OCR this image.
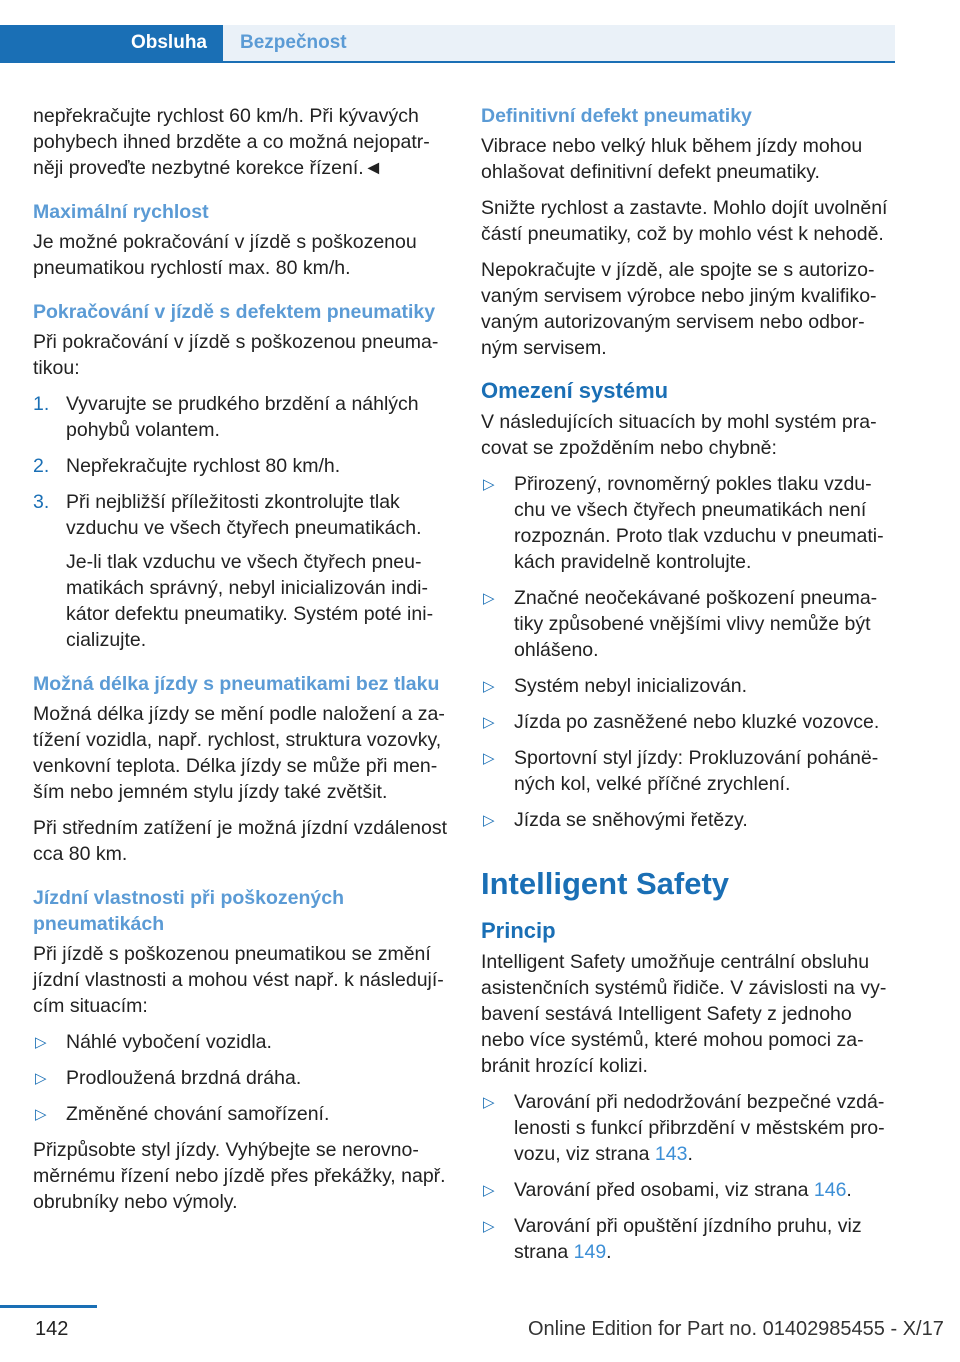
Obsluha	Bezpečnost

nepřekračujte rychlost 60 km/h. Při kývavých pohybech ihned brzděte a co možná nejopatr‐něji proveďte nezbytné korekce řízení.◄

Maximální rychlost

Je možné pokračování v jízdě s poškozenou pneumatikou rychlostí max. 80 km/h.

Pokračování v jízdě s defektem pneumatiky

Při pokračování v jízdě s poškozenou pneuma‐tikou:

1. Vyvarujte se prudkého brzdění a náhlých pohybů volantem.
2. Nepřekračujte rychlost 80 km/h.
3. Při nejbližší příležitosti zkontrolujte tlak vzduchu ve všech čtyřech pneumatikách.
Je-li tlak vzduchu ve všech čtyřech pneu‐matikách správný, nebyl inicializován indi‐kátor defektu pneumatiky. Systém poté ini‐cializujte.
Možná délka jízdy s pneumatikami bez tlaku

Možná délka jízdy se mění podle naložení a za‐tížení vozidla, např. rychlost, struktura vozovky, venkovní teplota. Délka jízdy se může při men‐ším nebo jemném stylu jízdy také zvětšit.

Při středním zatížení je možná jízdní vzdálenost cca 80 km.

Jízdní vlastnosti při poškozených pneumatikách

Při jízdě s poškozenou pneumatikou se změní jízdní vlastnosti a mohou vést např. k následují‐cím situacím:

▷ Náhlé vybočení vozidla.
▷ Prodloužená brzdná dráha.
▷ Změněné chování samořízení.

Přizpůsobte styl jízdy. Vyhýbejte se nerovno‐měrnému řízení nebo jízdě přes překážky, např. obrubníky nebo výmoly.

Definitivní defekt pneumatiky

Vibrace nebo velký hluk během jízdy mohou ohlašovat definitivní defekt pneumatiky.

Snižte rychlost a zastavte. Mohlo dojít uvolnění částí pneumatiky, což by mohlo vést k nehodě.

Nepokračujte v jízdě, ale spojte se s autorizo‐vaným servisem výrobce nebo jiným kvalifiko‐vaným autorizovaným servisem nebo odbor‐ným servisem.

Omezení systému

V následujících situacích by mohl systém pra‐covat se zpožděním nebo chybně:

▷ Přirozený, rovnoměrný pokles tlaku vzdu‐chu ve všech čtyřech pneumatikách není rozpoznán. Proto tlak vzduchu v pneumati‐kách pravidelně kontrolujte.
▷ Značné neočekávané poškození pneuma‐tiky způsobené vnějšími vlivy nemůže být ohlášeno.
▷ Systém nebyl inicializován.
▷ Jízda po zasněžené nebo kluzké vozovce.
▷ Sportovní styl jízdy: Prokluzování pohánё‐ných kol, velké příčné zrychlení.
▷ Jízda se sněhovými řetězy.
Intelligent Safety
Princip

Intelligent Safety umožňuje centrální obsluhu asistenčních systémů řidiče. V závislosti na vy‐bavení sestává Intelligent Safety z jednoho nebo více systémů, které mohou pomoci za‐bránit hrozící kolizi.

▷ Varování při nedodržování bezpečné vzdá‐lenosti s funkcí přibrzdění v městském pro‐vozu, viz strana 143.
▷ Varování před osobami, viz strana 146.
▷ Varování při opuštění jízdního pruhu, viz strana 149.
142	Online Edition for Part no. 01402985455 - X/17
